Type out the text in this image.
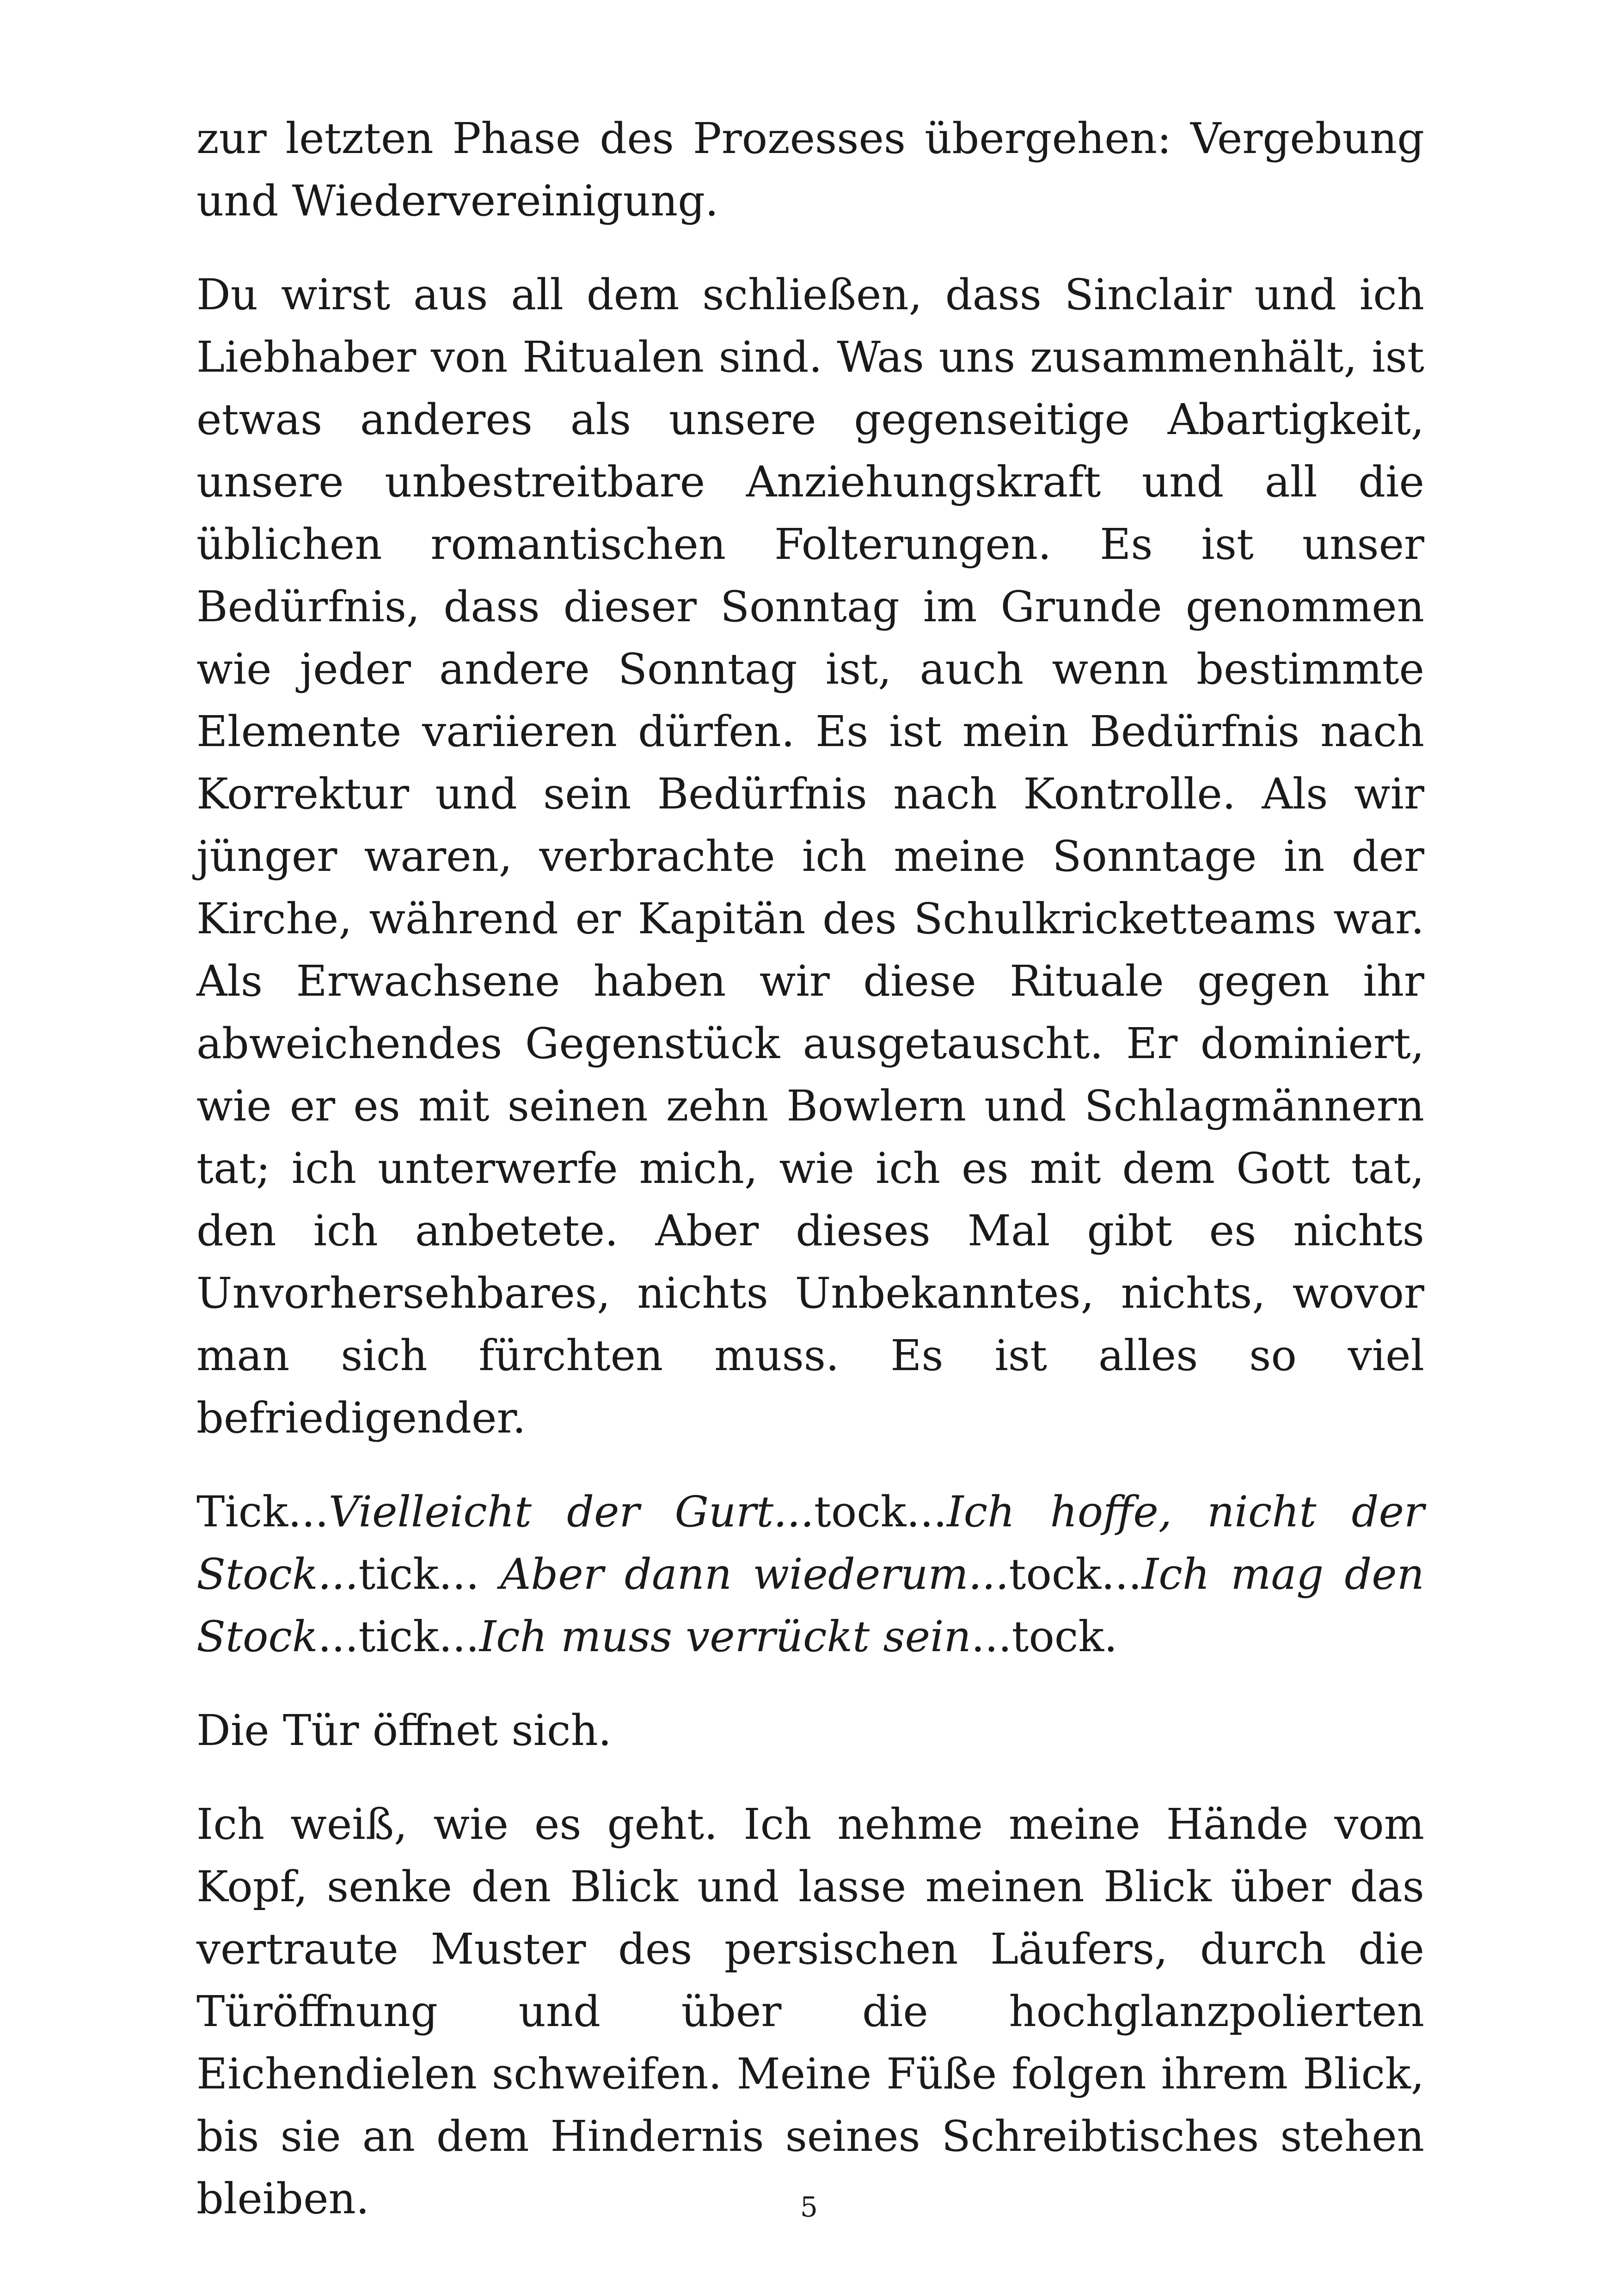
zur letzten Phase des Prozesses übergehen: Vergebung und Wiedervereinigung.

Du wirst aus all dem schließen, dass Sinclair und ich Liebhaber von Ritualen sind. Was uns zusammenhält, ist etwas anderes als unsere gegenseitige Abartigkeit, unsere unbestreitbare Anziehungskraft und all die üblichen romantischen Folterungen. Es ist unser Bedürfnis, dass dieser Sonntag im Grunde genommen wie jeder andere Sonntag ist, auch wenn bestimmte Elemente variieren dürfen. Es ist mein Bedürfnis nach Korrektur und sein Bedürfnis nach Kontrolle. Als wir jünger waren, verbrachte ich meine Sonntage in der Kirche, während er Kapitän des Schulkricketteams war. Als Erwachsene haben wir diese Rituale gegen ihr abweichendes Gegenstück ausgetauscht. Er dominiert, wie er es mit seinen zehn Bowlern und Schlagmännern tat; ich unterwerfe mich, wie ich es mit dem Gott tat, den ich anbetete. Aber dieses Mal gibt es nichts Unvorhersehbares, nichts Unbekanntes, nichts, wovor man sich fürchten muss. Es ist alles so viel befriedigender.

Tick...Vielleicht der Gurt...tock...Ich hoffe, nicht der Stock...tick... Aber dann wiederum...tock...Ich mag den Stock...tick...Ich muss verrückt sein...tock.

Die Tür öffnet sich.

Ich weiß, wie es geht. Ich nehme meine Hände vom Kopf, senke den Blick und lasse meinen Blick über das vertraute Muster des persischen Läufers, durch die Türöffnung und über die hochglanzpolierten Eichendielen schweifen. Meine Füße folgen ihrem Blick, bis sie an dem Hindernis seines Schreibtisches stehen bleiben.	5
